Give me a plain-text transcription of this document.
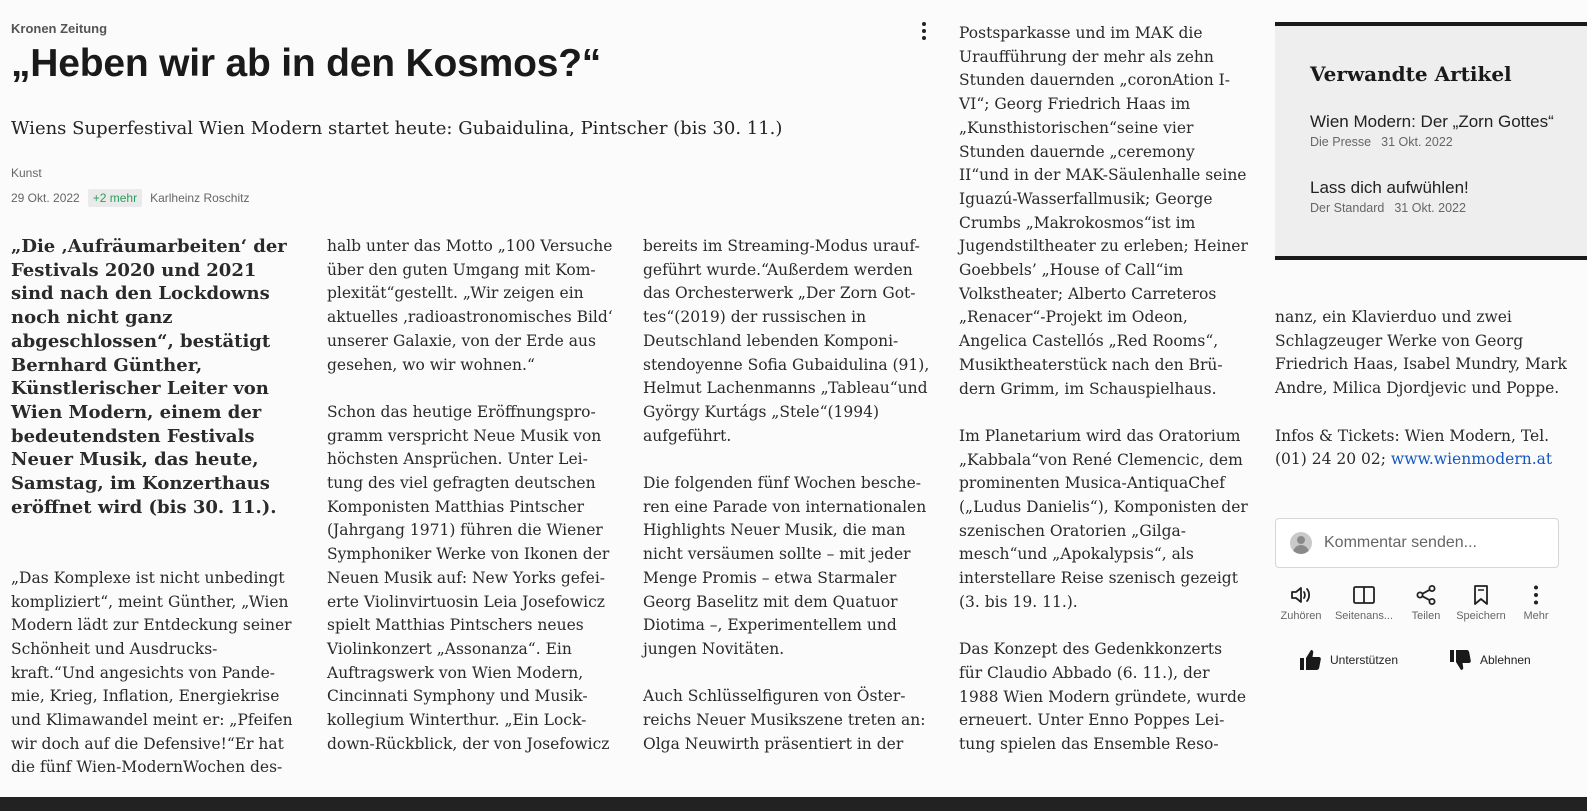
Kronen Zeitung
„Heben wir ab in den Kosmos?“

Wiens Superfestival Wien Modern startet heute: Gubaidulina, Pintscher (bis 30. 11.)

Kunst
29 Okt. 2022	+2 mehr	Karlheinz Roschitz

„Die ‚Aufräumarbeiten‘ der Festivals 2020 und 2021 sind nach den Lockdowns noch nicht ganz abgeschlossen“, bestätigt Bernhard Günther, Künstlerischer Leiter von Wien Modern, einem der bedeutendsten Festivals Neuer Musik, das heute, Samstag, im Konzerthaus eröffnet wird (bis 30. 11.).

„Das Komplexe ist nicht unbedingt kompliziert“, meint Günther, „Wien Modern lädt zur Entdeckung seiner Schönheit und Ausdrucks-kraft.“Und angesichts von Pande-mie, Krieg, Inflation, Energiekrise und Klimawandel meint er: „Pfeifen wir doch auf die Defensive!“Er hat die fünf Wien-ModernWochen des-

halb unter das Motto „100 Versuche über den guten Umgang mit Kom-plexität“gestellt. „Wir zeigen ein aktuelles ‚radioastronomisches Bild‘ unserer Galaxie, von der Erde aus gesehen, wo wir wohnen.“

Schon das heutige Eröffnungspro-gramm verspricht Neue Musik von höchsten Ansprüchen. Unter Lei-tung des viel gefragten deutschen Komponisten Matthias Pintscher (Jahrgang 1971) führen die Wiener Symphoniker Werke von Ikonen der Neuen Musik auf: New Yorks gefei-erte Violinvirtuosin Leia Josefowicz spielt Matthias Pintschers neues Violinkonzert „Assonanza“. Ein Auftragswerk von Wien Modern, Cincinnati Symphony und Musik-kollegium Winterthur. „Ein Lock-down-Rückblick, der von Josefowicz

bereits im Streaming-Modus urauf-geführt wurde.“Außerdem werden das Orchesterwerk „Der Zorn Got-tes“(2019) der russischen in Deutschland lebenden Komponi-stendoyenne Sofia Gubaidulina (91), Helmut Lachenmanns „Tableau“und György Kurtágs „Stele“(1994) aufgeführt.

Die folgenden fünf Wochen besche-ren eine Parade von internationalen Highlights Neuer Musik, die man nicht versäumen sollte – mit jeder Menge Promis – etwa Starmaler Georg Baselitz mit dem Quatuor Diotima –, Experimentellem und jungen Novitäten.

Auch Schlüsselfiguren von Öster-reichs Neuer Musikszene treten an: Olga Neuwirth präsentiert in der

Postsparkasse und im MAK die Uraufführung der mehr als zehn Stunden dauernden „coronAtion I-VI“; Georg Friedrich Haas im „Kunsthistorischen“seine vier Stunden dauernde „ceremony II“und in der MAK-Säulenhalle seine Iguazú-Wasserfallmusik; George Crumbs „Makrokosmos“ist im Jugendstiltheater zu erleben; Heiner Goebbels’ „House of Call“im Volkstheater; Alberto Carreteros „Renacer“-Projekt im Odeon, Angelica Castellós „Red Rooms“, Musiktheaterstück nach den Brü-dern Grimm, im Schauspielhaus.

Im Planetarium wird das Oratorium „Kabbala“von René Clemencic, dem prominenten Musica-AntiquaChef („Ludus Danielis“), Komponisten der szenischen Oratorien „Gilga-mesch“und „Apokalypsis“, als interstellare Reise szenisch gezeigt (3. bis 19. 11.).

Das Konzept des Gedenkkonzerts für Claudio Abbado (6. 11.), der 1988 Wien Modern gründete, wurde erneuert. Unter Enno Poppes Lei-tung spielen das Ensemble Reso-

Verwandte Artikel
Wien Modern: Der „Zorn Gottes“
Die Presse 31 Okt. 2022
Lass dich aufwühlen!
Der Standard 31 Okt. 2022

nanz, ein Klavierduo und zwei Schlagzeuger Werke von Georg Friedrich Haas, Isabel Mundry, Mark Andre, Milica Djordjevic und Poppe.

Infos & Tickets: Wien Modern, Tel. (01) 24 20 02; www.wienmodern.at

Kommentar senden...
Zuhören	Seitenans...	Teilen	Speichern	Mehr
Unterstützen	Ablehnen
